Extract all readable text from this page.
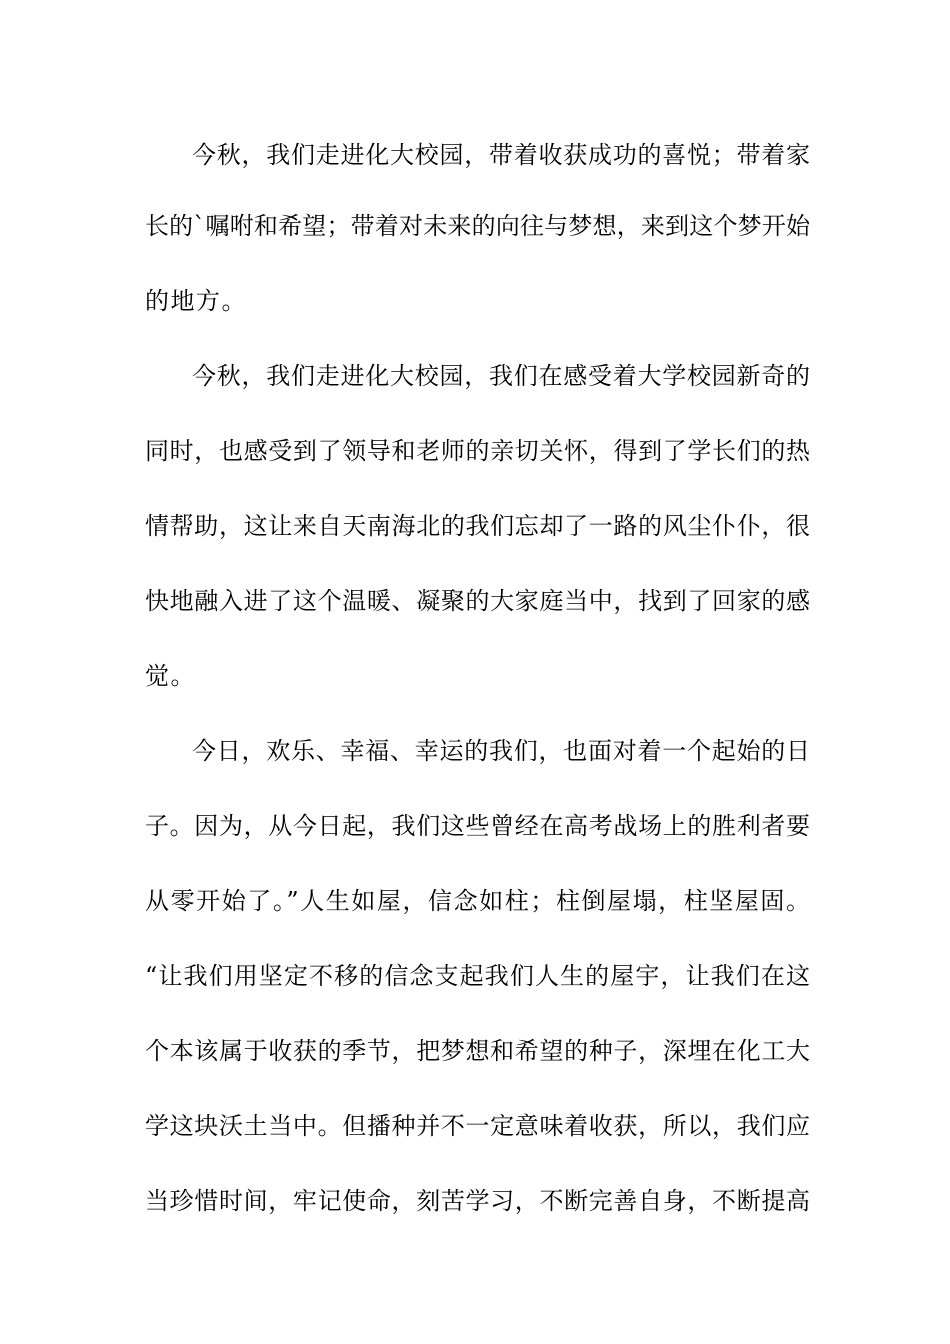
今秋，我们走进化大校园，带着收获成功的喜悦；带着家
长的`嘱咐和希望；带着对未来的向往与梦想，来到这个梦开始
的地方。
今秋，我们走进化大校园，我们在感受着大学校园新奇的
同时，也感受到了领导和老师的亲切关怀，得到了学长们的热
情帮助，这让来自天南海北的我们忘却了一路的风尘仆仆，很
快地融入进了这个温暖、凝聚的大家庭当中，找到了回家的感
觉。
今日，欢乐、幸福、幸运的我们，也面对着一个起始的日
子。因为，从今日起，我们这些曾经在高考战场上的胜利者要
从零开始了。”人生如屋，信念如柱；柱倒屋塌，柱坚屋固。
“让我们用坚定不移的信念支起我们人生的屋宇，让我们在这
个本该属于收获的季节，把梦想和希望的种子，深埋在化工大
学这块沃土当中。但播种并不一定意味着收获，所以，我们应
当珍惜时间，牢记使命，刻苦学习，不断完善自身，不断提高
